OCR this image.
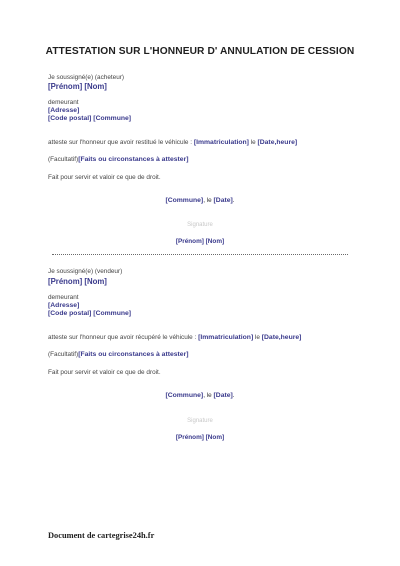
ATTESTATION SUR L'HONNEUR D' ANNULATION DE CESSION
Je soussigné(e) (acheteur)
[Prénom] [Nom]
demeurant
[Adresse]
[Code postal] [Commune]
atteste sur l'honneur que avoir restitué le véhicule : [Immatriculation] le [Date,heure]
(Facultatif)[Faits ou circonstances à attester]
Fait pour servir et valoir ce que de droit.
[Commune], le [Date].
Signature
[Prénom] [Nom]
Je soussigné(e) (vendeur)
[Prénom] [Nom]
demeurant
[Adresse]
[Code postal] [Commune]
atteste sur l'honneur que avoir récupéré le véhicule : [Immatriculation] le [Date,heure]
(Facultatif)[Faits ou circonstances à attester]
Fait pour servir et valoir ce que de droit.
[Commune], le [Date].
Signature
[Prénom] [Nom]
Document de cartegrise24h.fr
